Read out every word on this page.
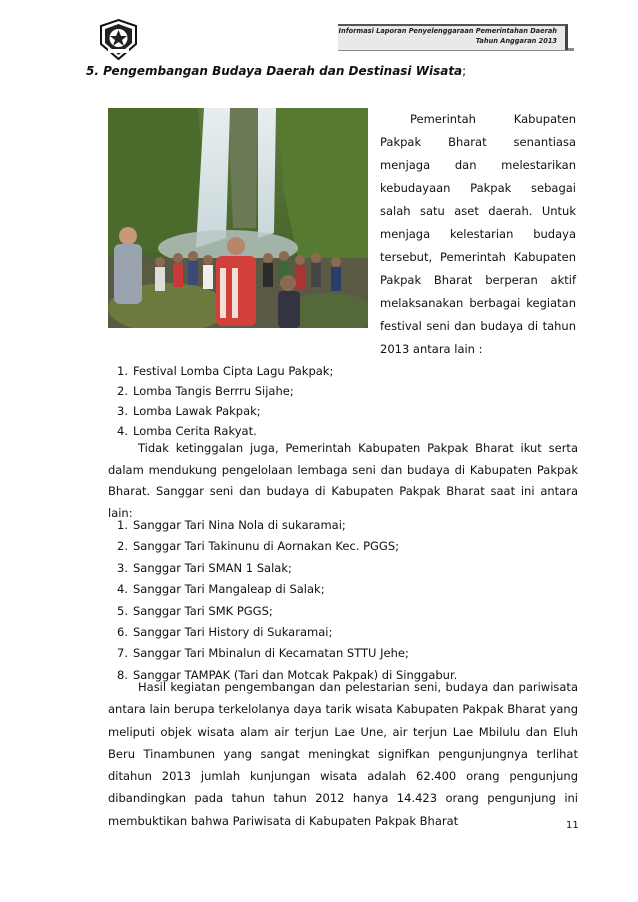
Informasi Laporan Penyelenggaraan Pemerintahan Daerah
Tahun Anggaran 2013
5. Pengembangan Budaya Daerah dan Destinasi Wisata;

Pemerintah Kabupaten Pakpak Bharat senantiasa menjaga dan melestarikan kebudayaan Pakpak sebagai salah satu aset daerah. Untuk menjaga kelestarian budaya tersebut, Pemerintah Kabupaten Pakpak Bharat berperan aktif melaksanakan berbagai kegiatan festival seni dan budaya di tahun 2013 antara lain :

1. Festival Lomba Cipta Lagu Pakpak;
2. Lomba Tangis Berrru Sijahe;
3. Lomba Lawak Pakpak;
4. Lomba Cerita Rakyat.

Tidak ketinggalan juga, Pemerintah Kabupaten Pakpak Bharat ikut serta dalam mendukung pengelolaan lembaga seni dan budaya di Kabupaten Pakpak Bharat. Sanggar seni dan budaya di Kabupaten Pakpak Bharat saat ini antara lain:

1. Sanggar Tari Nina Nola di sukaramai;
2. Sanggar Tari Takinunu di Aornakan Kec. PGGS;
3. Sanggar Tari SMAN 1 Salak;
4. Sanggar Tari Mangaleap di Salak;
5. Sanggar Tari SMK PGGS;
6. Sanggar Tari History di Sukaramai;
7. Sanggar Tari Mbinalun di Kecamatan STTU Jehe;
8. Sanggar TAMPAK (Tari dan Motcak Pakpak) di Singgabur.

Hasil kegiatan pengembangan dan pelestarian seni, budaya dan pariwisata antara lain berupa terkelolanya daya tarik wisata Kabupaten Pakpak Bharat yang meliputi objek wisata alam air terjun Lae Une, air terjun Lae Mbilulu dan Eluh Beru Tinambunen yang sangat meningkat signifkan pengunjungnya terlihat ditahun 2013 jumlah kunjungan wisata adalah 62.400 orang pengunjung dibandingkan pada tahun tahun 2012 hanya 14.423 orang pengunjung ini membuktikan bahwa Pariwisata di Kabupaten Pakpak Bharat	11
